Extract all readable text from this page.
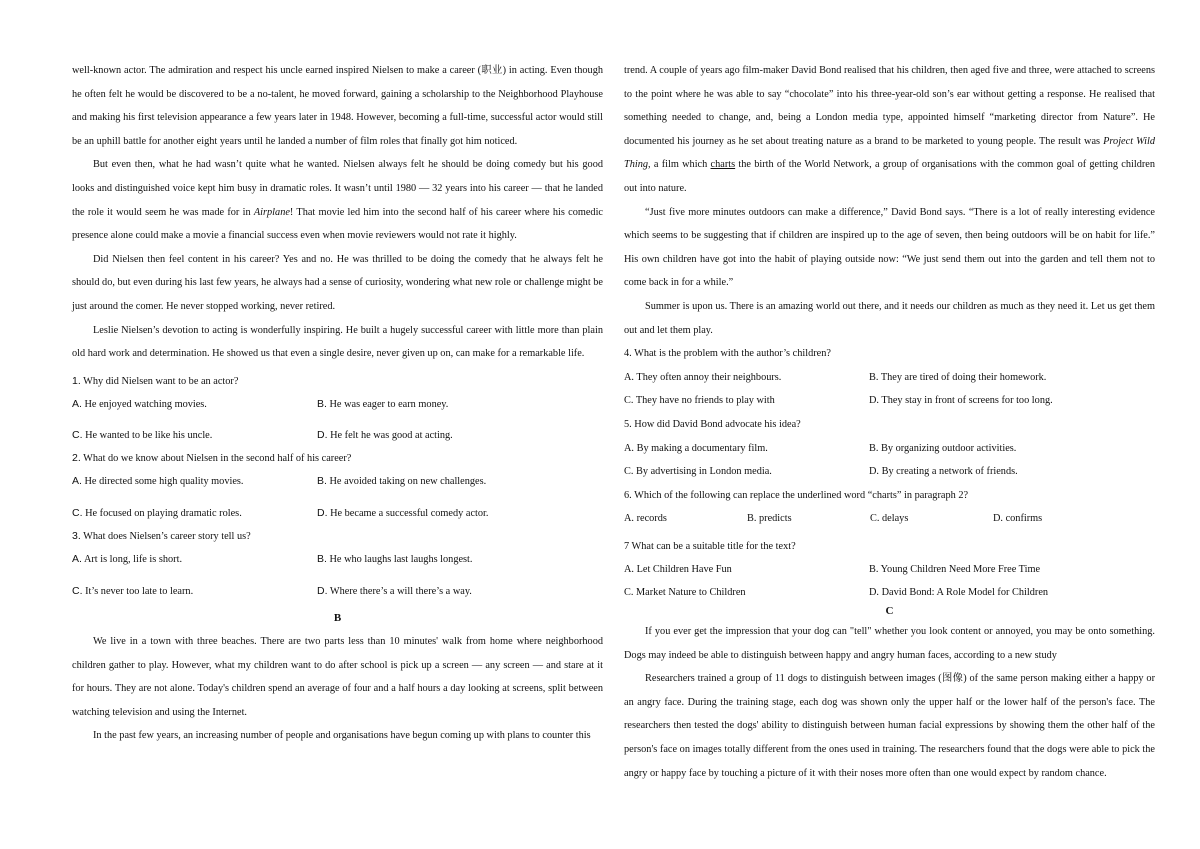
well-known actor. The admiration and respect his uncle earned inspired Nielsen to make a career (职业) in acting. Even though he often felt he would be discovered to be a no-talent, he moved forward, gaining a scholarship to the Neighborhood Playhouse and making his first television appearance a few years later in 1948. However, becoming a full-time, successful actor would still be an uphill battle for another eight years until he landed a number of film roles that finally got him noticed.

But even then, what he had wasn’t quite what he wanted. Nielsen always felt he should be doing comedy but his good looks and distinguished voice kept him busy in dramatic roles. It wasn’t until 1980 — 32 years into his career — that he landed the role it would seem he was made for in Airplane! That movie led him into the second half of his career where his comedic presence alone could make a movie a financial success even when movie reviewers would not rate it highly.

Did Nielsen then feel content in his career? Yes and no. He was thrilled to be doing the comedy that he always felt he should do, but even during his last few years, he always had a sense of curiosity, wondering what new role or challenge might be just around the comer. He never stopped working, never retired.

Leslie Nielsen’s devotion to acting is wonderfully inspiring. He built a hugely successful career with little more than plain old hard work and determination. He showed us that even a single desire, never given up on, can make for a remarkable life.

1. Why did Nielsen want to be an actor?

A. He enjoyed watching movies.	B. He was eager to earn money.
C. He wanted to be like his uncle.	D. He felt he was good at acting.

2. What do we know about Nielsen in the second half of his career?

A. He directed some high quality movies.	B. He avoided taking on new challenges.
C. He focused on playing dramatic roles.	D. He became a successful comedy actor.

3. What does Nielsen’s career story tell us?

A. Art is long, life is short.	B. He who laughs last laughs longest.
C. It’s never too late to learn.	D. Where there’s a will there’s a way.

B

We live in a town with three beaches. There are two parts less than 10 minutes' walk from home where neighborhood children gather to play. However, what my children want to do after school is pick up a screen — any screen — and stare at it for hours. They are not alone. Today's children spend an average of four and a half hours a day looking at screens, split between watching television and using the Internet.

In the past few years, an increasing number of people and organisations have begun coming up with plans to counter this

trend. A couple of years ago film-maker David Bond realised that his children, then aged five and three, were attached to screens to the point where he was able to say “chocolate” into his three-year-old son’s ear without getting a response. He realised that something needed to change, and, being a London media type, appointed himself “marketing director from Nature”. He documented his journey as he set about treating nature as a brand to be marketed to young people. The result was Project Wild Thing, a film which charts the birth of the World Network, a group of organisations with the common goal of getting children out into nature.

“Just five more minutes outdoors can make a difference,” David Bond says. “There is a lot of really interesting evidence which seems to be suggesting that if children are inspired up to the age of seven, then being outdoors will be on habit for life.” His own children have got into the habit of playing outside now: “We just send them out into the garden and tell them not to come back in for a while.”

Summer is upon us. There is an amazing world out there, and it needs our children as much as they need it. Let us get them out and let them play.

4. What is the problem with the author’s children?

A. They often annoy their neighbours.	B. They are tired of doing their homework.
C. They have no friends to play with	D. They stay in front of screens for too long.

5. How did David Bond advocate his idea?

A. By making a documentary film.	B. By organizing outdoor activities.
C. By advertising in London media.	D. By creating a network of friends.

6. Which of the following can replace the underlined word “charts” in paragraph 2?

A. records	B. predicts	C. delays	D. confirms

7 What can be a suitable title for the text?

A. Let Children Have Fun	B. Young Children Need More Free Time
C. Market Nature to Children	D. David Bond: A Role Model for Children

C

If you ever get the impression that your dog can "tell" whether you look content or annoyed, you may be onto something. Dogs may indeed be able to distinguish between happy and angry human faces, according to a new study

Researchers trained a group of 11 dogs to distinguish between images (图像) of the same person making either a happy or an angry face. During the training stage, each dog was shown only the upper half or the lower half of the person's face. The researchers then tested the dogs' ability to distinguish between human facial expressions by showing them the other half of the person's face on images totally different from the ones used in training. The researchers found that the dogs were able to pick the angry or happy face by touching a picture of it with their noses more often than one would expect by random chance.
